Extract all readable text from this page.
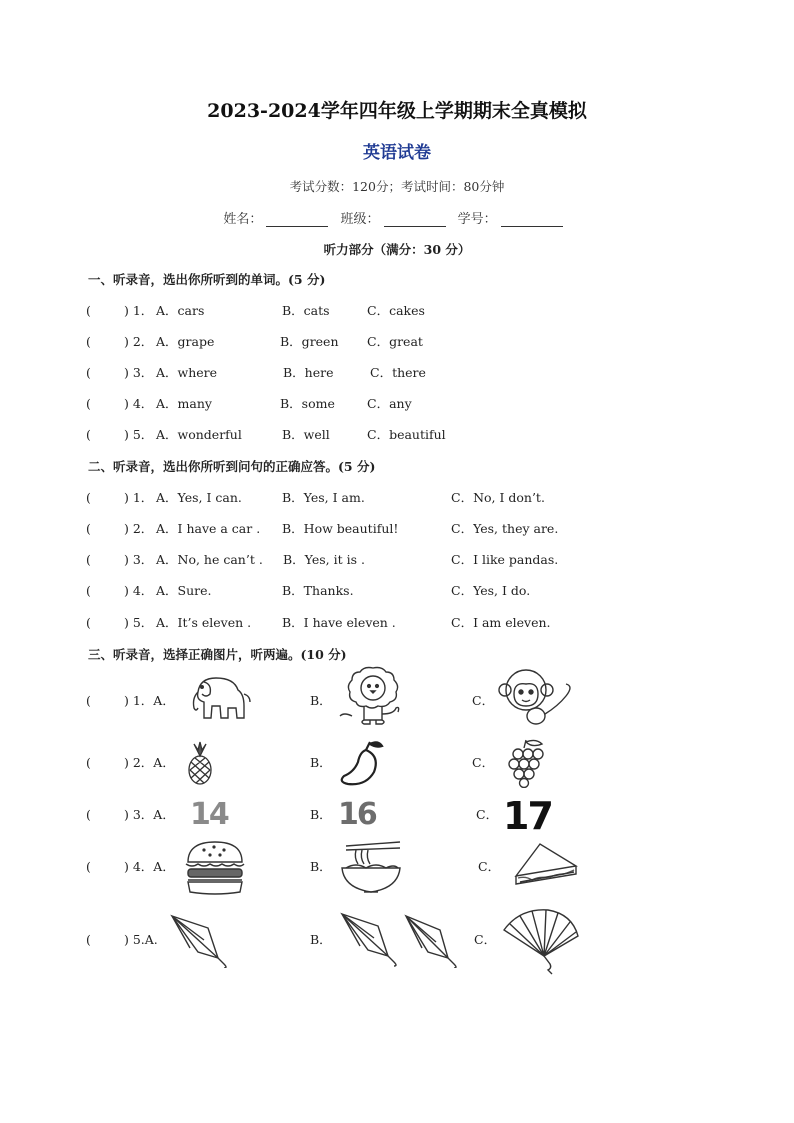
2023-2024学年四年级上学期期末全真模拟
英语试卷
考试分数：120分；考试时间：80分钟
姓名：	班级：	学号：
听力部分（满分：30 分）
一、听录音，选出你所听到的单词。(5 分)
(	) 1． A．cars	B．cats	C．cakes
(	) 2． A．grape	B．green C．great
(	) 3． A．where	B．here	C．there
(	) 4． A．many	B．some	C．any
(	) 5． A．wonderful	B．well	C．beautiful
二、听录音，选出你所听到问句的正确应答。(5 分)
(	) 1． A．Yes, I can.	B．Yes, I am.	C．No, I don’t.
(	) 2． A．I have a car . B．How beautiful!	C．Yes, they are.
(	) 3． A．No, he can’t . B．Yes, it is .	C．I like pandas.
(	) 4． A．Sure.	B．Thanks.	C．Yes, I do.
(	) 5． A．It’s eleven . B．I have eleven .	C．I am eleven.
三、听录音，选择正确图片，听两遍。(10 分)
(	) 1．A．	B．	C．
(	) 2．A．	B．	C．
(	) 3．A．	B．	C．
14	16	17
(	) 4．A．	B．	C．
(	) 5.A.	B．	C．
